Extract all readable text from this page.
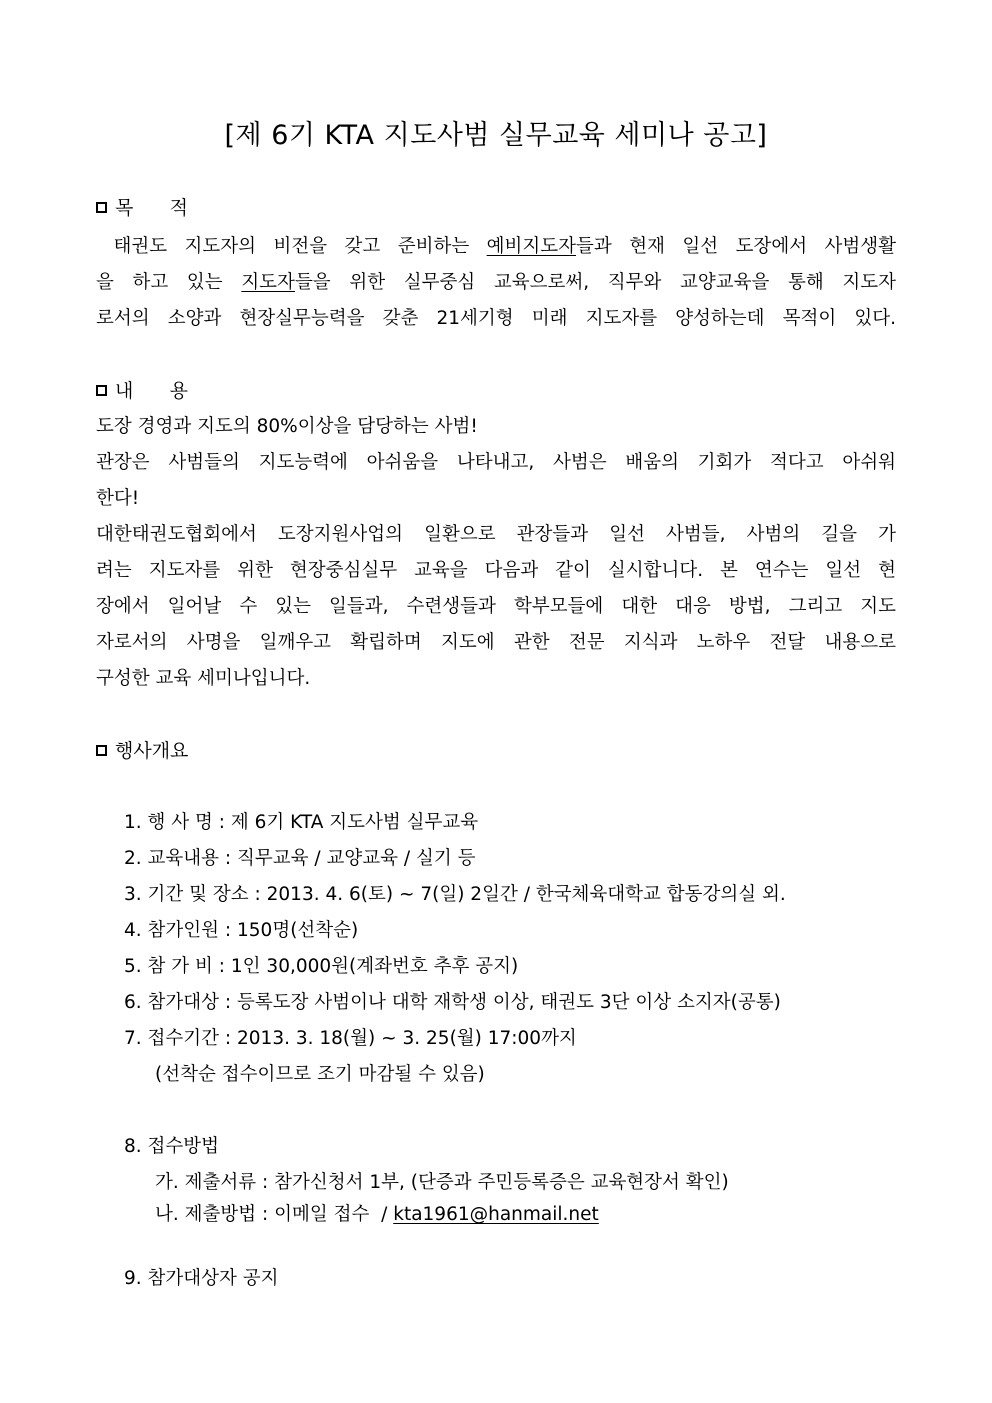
[제 6기 KTA 지도사범 실무교육 세미나 공고]
목      적
태권도 지도자의 비전을 갖고 준비하는 예비지도자들과 현재 일선 도장에서 사범생활
을 하고 있는 지도자들을 위한 실무중심 교육으로써, 직무와 교양교육을 통해 지도자
로서의 소양과 현장실무능력을 갖춘 21세기형 미래 지도자를 양성하는데 목적이 있다.
내      용
도장 경영과 지도의 80%이상을 담당하는 사범!
관장은 사범들의 지도능력에 아쉬움을 나타내고, 사범은 배움의 기회가 적다고 아쉬워
한다!
대한태권도협회에서 도장지원사업의 일환으로 관장들과 일선 사범들, 사범의 길을 가
려는 지도자를 위한 현장중심실무 교육을 다음과 같이 실시합니다. 본 연수는 일선 현
장에서 일어날 수 있는 일들과, 수련생들과 학부모들에 대한 대응 방법, 그리고 지도
자로서의 사명을 일깨우고 확립하며 지도에 관한 전문 지식과 노하우 전달 내용으로
구성한 교육 세미나입니다.
행사개요
1. 행 사 명 : 제 6기 KTA 지도사범 실무교육
2. 교육내용 : 직무교육 / 교양교육 / 실기 등
3. 기간 및 장소 : 2013. 4. 6(토) ~ 7(일) 2일간 / 한국체육대학교 합동강의실 외.
4. 참가인원 : 150명(선착순)
5. 참 가 비 : 1인 30,000원(계좌번호 추후 공지)
6. 참가대상 : 등록도장 사범이나 대학 재학생 이상, 태권도 3단 이상 소지자(공통)
7. 접수기간 : 2013. 3. 18(월) ~ 3. 25(월) 17:00까지
(선착순 접수이므로 조기 마감될 수 있음)
8. 접수방법
가. 제출서류 : 참가신청서 1부, (단증과 주민등록증은 교육현장서 확인)
나. 제출방법 : 이메일 접수  / kta1961@hanmail.net
9. 참가대상자 공지
